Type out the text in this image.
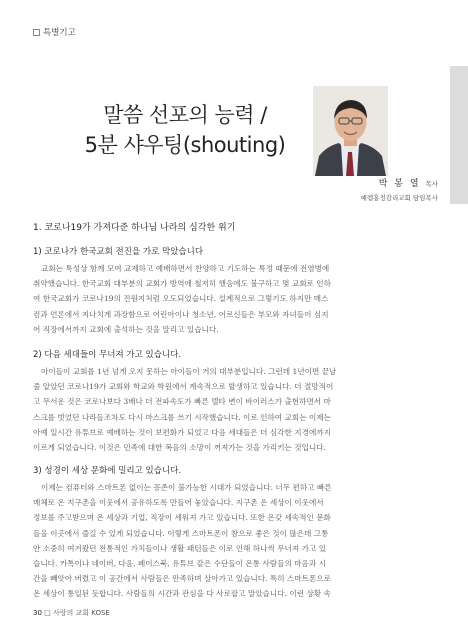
특별기고
말씀 선포의 능력 /
5분 샤우팅(shouting)
박 봉 열 목사
예렘홍정감리교회 담임목사
1. 코로나19가 가져다준 하나님 나라의 심각한 위기
1) 코로나가 한국교회 전진을 가로 막았습니다

교회는 특성상 함께 모여 교제하고 예배하면서 찬양하고 기도하는 특정 때문에 전염병에

취약했습니다. 한국교회 대부분의 교회가 방역에 철저히 했음에도 불구하고 몇 교회로 인하

여 한국교회가 코로나19의 진원지처럼 오도되었습니다. 설계적으로 그렇기도 하지만 매스

컴과 언론에서 지나치게 과장함으로 어린아이나 청소년, 어르신들은 부모와 자녀들이 심지

어 직장에서까지 교회에 출석하는 것을 말리고 있습니다.

2) 다음 세대들이 무너져 가고 있습니다.

아이들이 교회를 1년 넘게 오지 못하는 아이들이 거의 대부분입니다. 그런데 1년이면 끝날

줄 알았던 코로나19가 교회와 학교와 학원에서 계속적으로 발생하고 있습니다. 더 절망적이

고 무서운 것은 코로나보다 3배나 더 전파속도가 빠른 델타 변이 바이러스가 출현하면서 마

스크를 벗었던 나라들조차도 다시 마스크를 쓰기 시작했습니다. 이로 인하여 교회는 이제는

아예 일시간 유튜브로 예배하는 것이 보편화가 되었고 다음 세대들은 더 심각한 지경에까지

이르게 되었습니다. 이것은 민족에 대한 복음의 소망이 꺼져가는 것을 가리키는 것입니다.

3) 성경이 세상 문화에 밀리고 있습니다.

이제는 컴퓨터와 스마트폰 없이는 꽁존이 불가능한 시대가 되었습니다. 너무 편하고 빠른

매체로 온 지구촌을 이웃에서 공유하도록 만들어 놓았습니다. 지구촌 온 세상이 이웃에서

정보를 주고받으며 온 세상과 기업, 직장이 세워져 가고 있습니다. 또한 온갖 세속적인 문화

들을 이곳에서 즐길 수 있게 되었습니다. 이렇게 스마트폰이 참으로 좋은 것이 많은데 그통

안 소중히 여겨왔던 전통적인 가치들이나 생활 패턴들은 이로 인해 하나씩 무너져 가고 있

습니다. 카톡이나 네이버, 다음, 페이스북, 유튜브 같은 수단들이 온통 사람들의 마음과 시

간을 빼앗아 버렸고 이 공간에서 사람들은 만족하며 살아가고 있습니다. 특히 스마트폰으로

온 세상이 통일된 듯합니다. 사람들의 시간과 관심을 다 사로잡고 말았습니다. 이런 상황 속

30 □ 사랑의 교회 KOSE
